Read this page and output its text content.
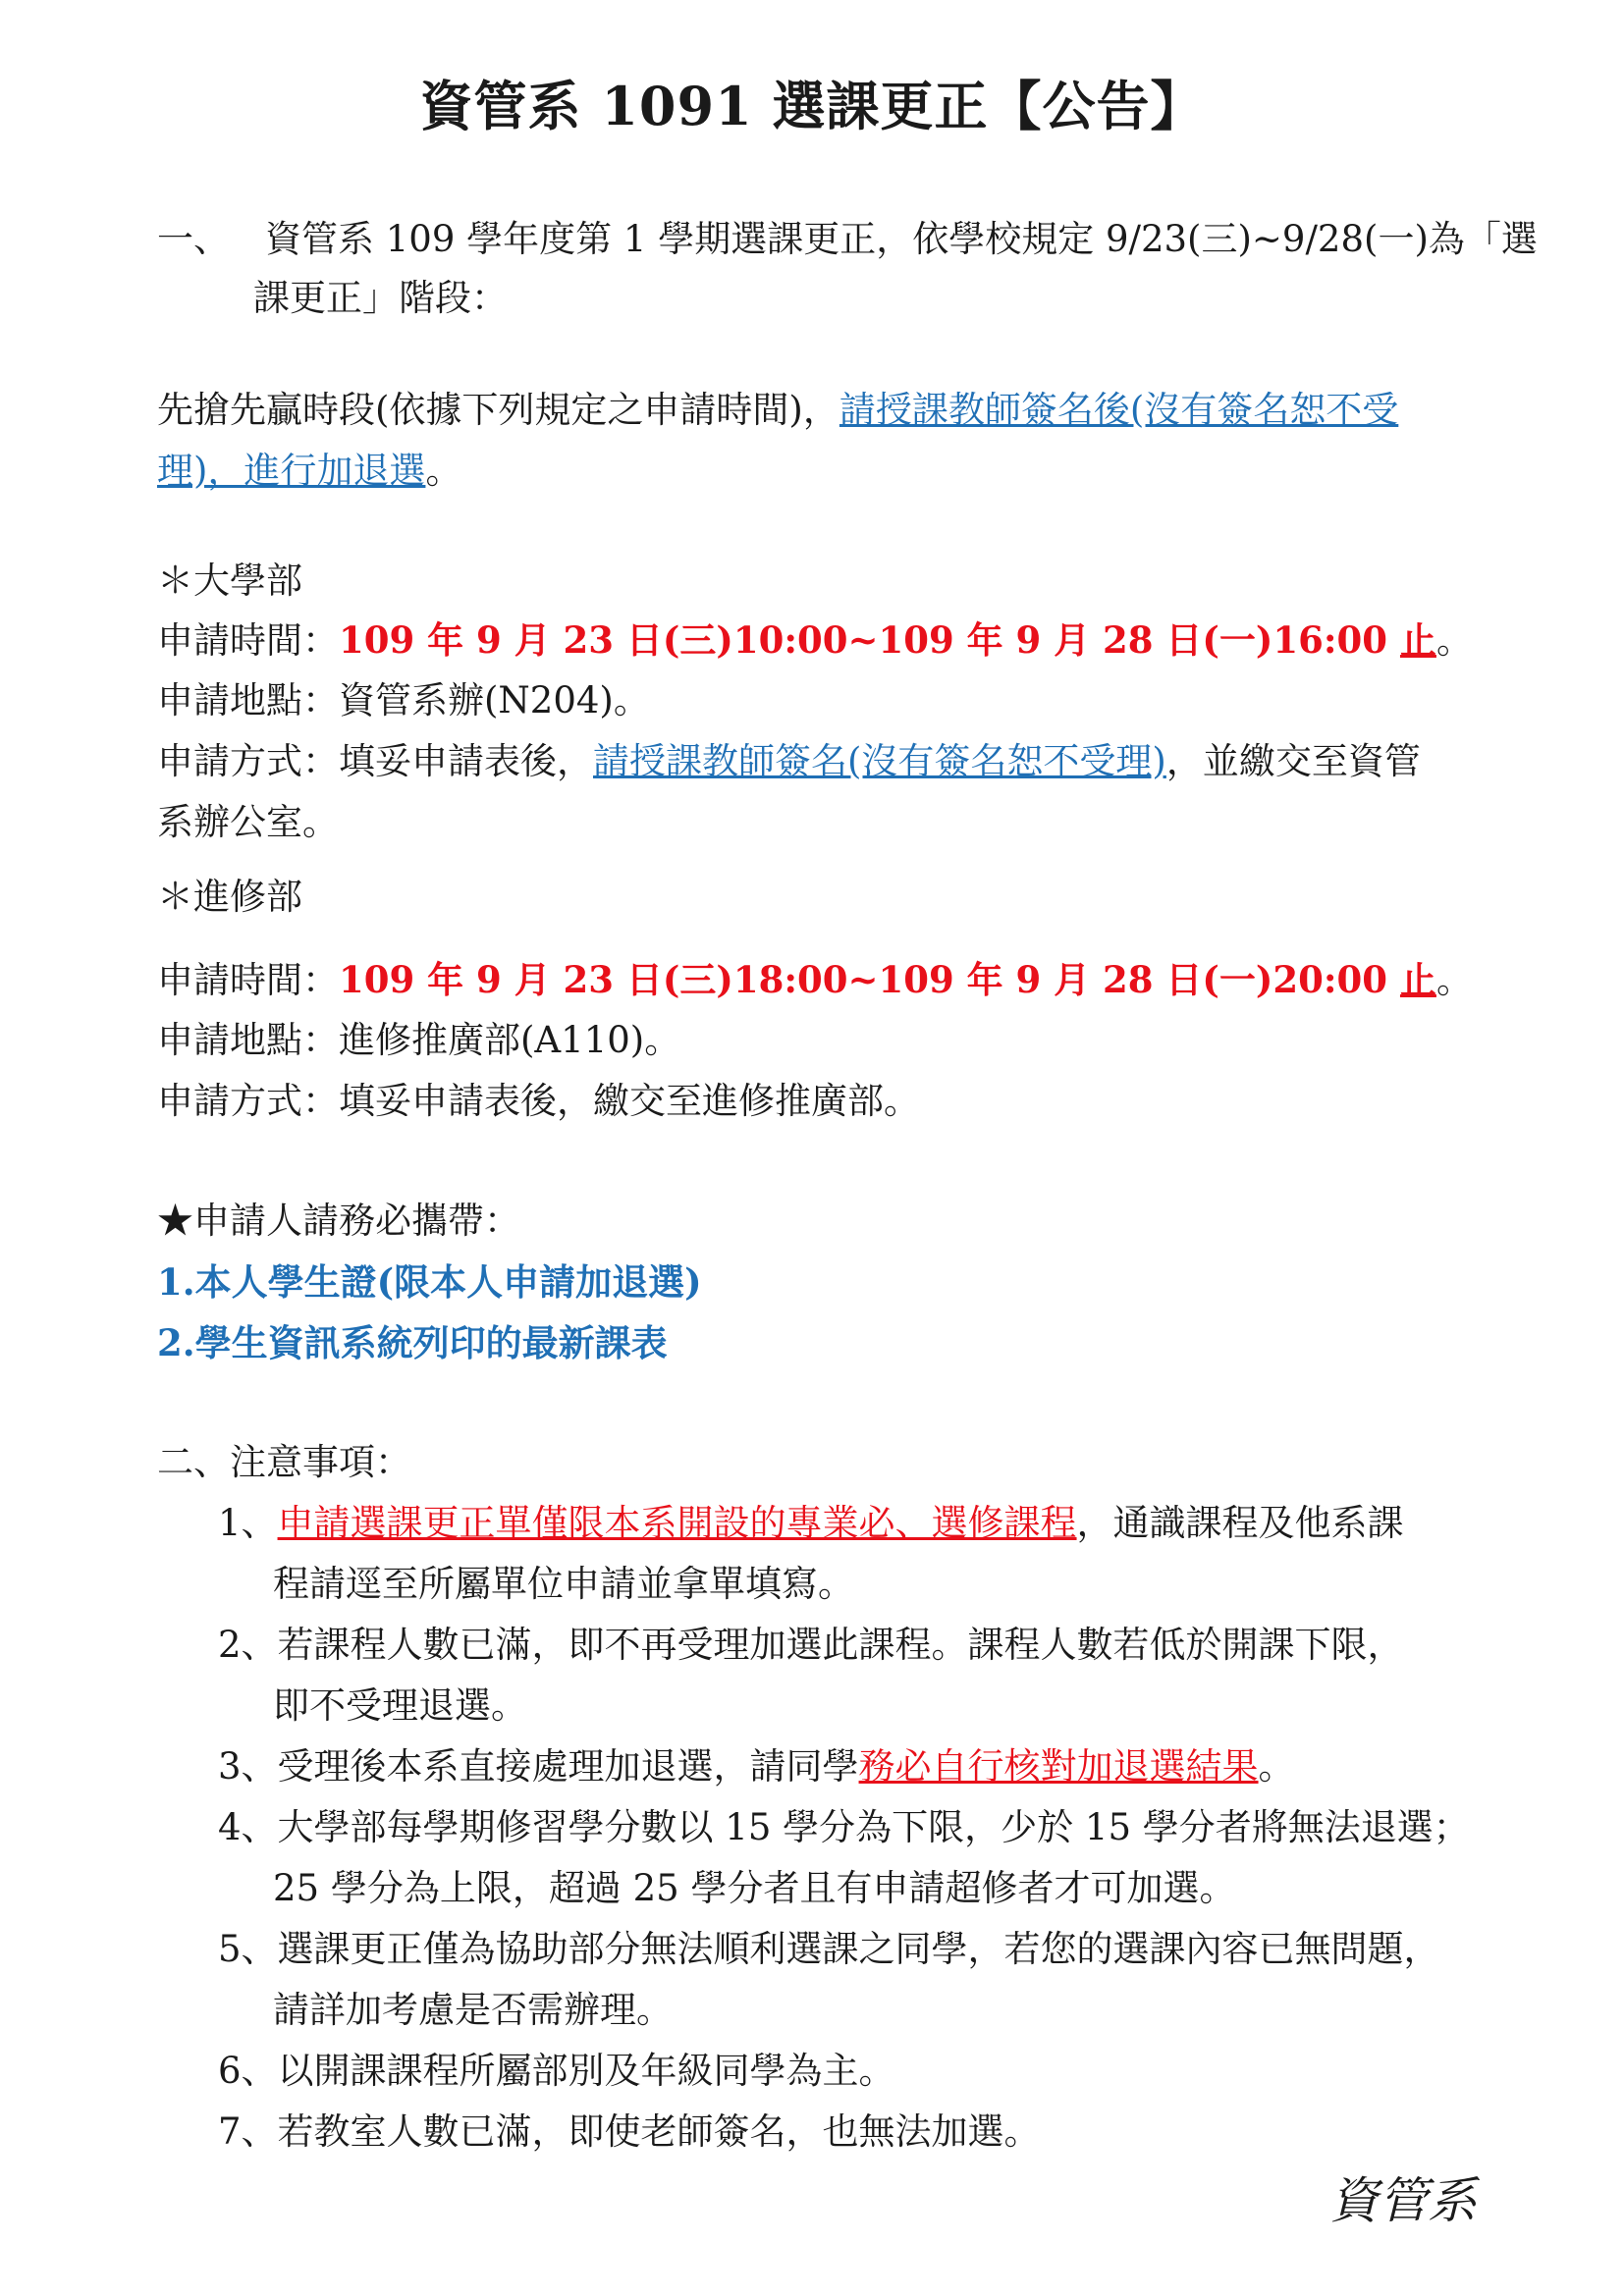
資管系 1091 選課更正【公告】
一、 資管系 109 學年度第 1 學期選課更正，依學校規定 9/23(三)~9/28(一)為「選
課更正」階段：
先搶先贏時段(依據下列規定之申請時間)，請授課教師簽名後(沒有簽名恕不受
理)，進行加退選。
＊大學部
申請時間：109 年 9 月 23 日(三)10:00~109 年 9 月 28 日(一)16:00 止。
申請地點：資管系辦(N204)。
申請方式：填妥申請表後，請授課教師簽名(沒有簽名恕不受理)，並繳交至資管
系辦公室。
＊進修部
申請時間：109 年 9 月 23 日(三)18:00~109 年 9 月 28 日(一)20:00 止。
申請地點：進修推廣部(A110)。
申請方式：填妥申請表後，繳交至進修推廣部。
★申請人請務必攜帶：
1.本人學生證(限本人申請加退選)
2.學生資訊系統列印的最新課表
二、注意事項：
1、申請選課更正單僅限本系開設的專業必、選修課程，通識課程及他系課
程請逕至所屬單位申請並拿單填寫。
2、若課程人數已滿，即不再受理加選此課程。課程人數若低於開課下限，
即不受理退選。
3、受理後本系直接處理加退選，請同學務必自行核對加退選結果。
4、大學部每學期修習學分數以 15 學分為下限，少於 15 學分者將無法退選；
25 學分為上限，超過 25 學分者且有申請超修者才可加選。
5、選課更正僅為協助部分無法順利選課之同學，若您的選課內容已無問題，
請詳加考慮是否需辦理。
6、以開課課程所屬部別及年級同學為主。
7、若教室人數已滿，即使老師簽名，也無法加選。
資管系
